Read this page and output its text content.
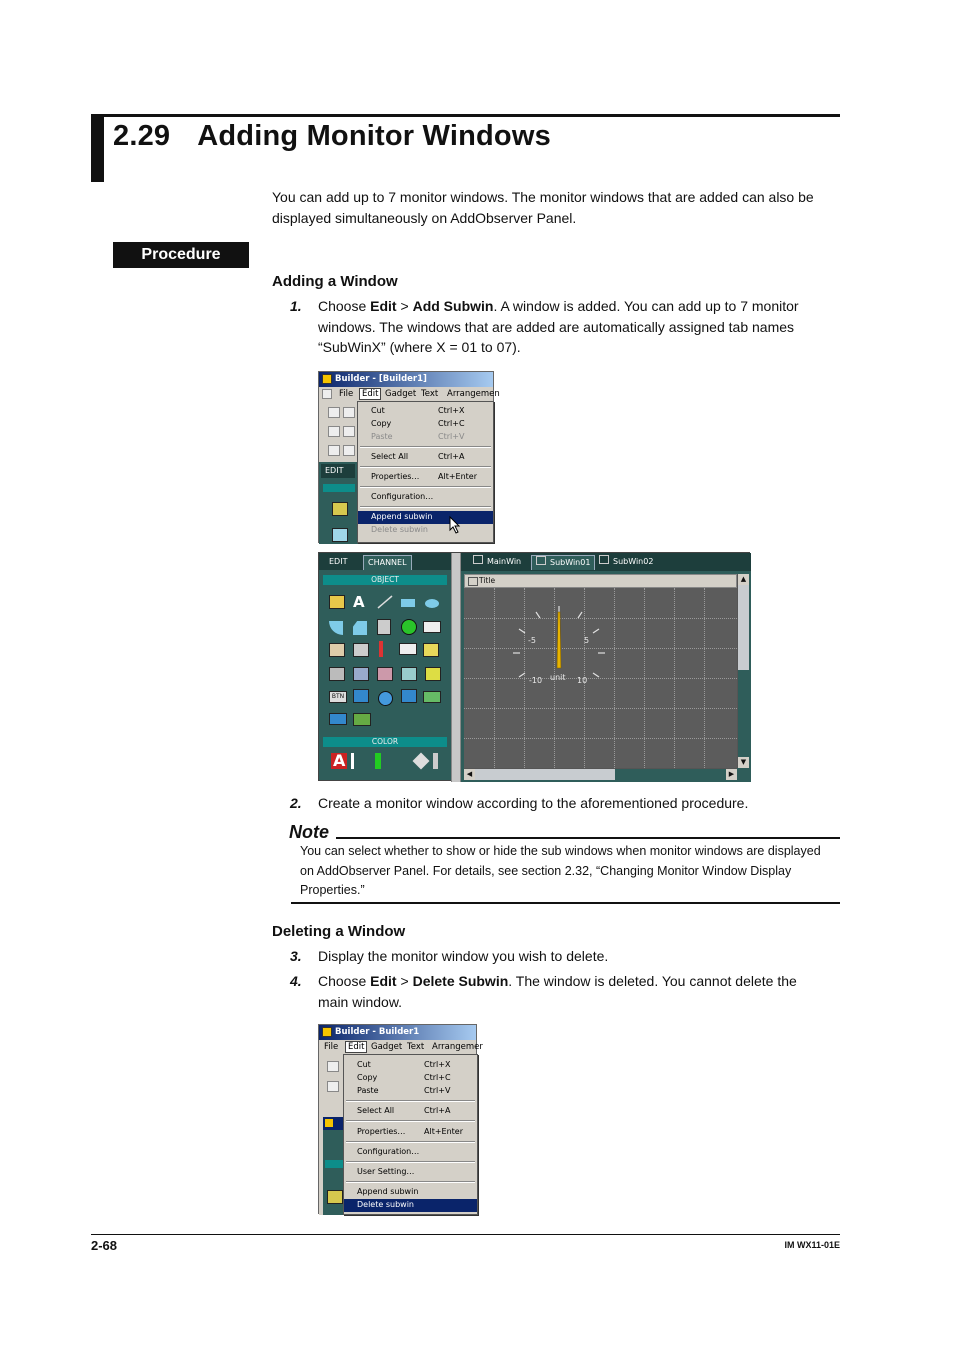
2.29 Adding Monitor Windows
You can add up to 7 monitor windows. The monitor windows that are added can also be
displayed simultaneously on AddObserver Panel.
Procedure
Adding a Window
1. Choose Edit > Add Subwin. A window is added. You can add up to 7 monitor
windows. The windows that are added are automatically assigned tab names
“SubWinX” (where X = 01 to 07).
Builder - [Builder1]
File	Edit Gadget Text Arrangemen
EDIT
Cut	Ctrl+X
Copy	Ctrl+C
Paste	Ctrl+V
Select All	Ctrl+A
Properties… Alt+Enter
Configuration…
Append subwin
Delete subwin
EDIT	CHANNEL
OBJECT
A
BTN
COLOR
A
MainWin	SubWin01	SubWin02
Title
-5	5
-10	10
unit
▲
▼
◀	▶
2. Create a monitor window according to the aforementioned procedure.
Note
You can select whether to show or hide the sub windows when monitor windows are displayed
on AddObserver Panel. For details, see section 2.32, “Changing Monitor Window Display
Properties.”
Deleting a Window
3. Display the monitor window you wish to delete.
4. Choose Edit > Delete Subwin. The window is deleted. You cannot delete the
main window.
Builder - Builder1
File	Edit Gadget Text Arrangemer
Cut	Ctrl+X
Copy	Ctrl+C
Paste	Ctrl+V
Select All	Ctrl+A
Properties… Alt+Enter
Configuration…
User Setting…
Append subwin
Delete subwin
2-68	IM WX11-01E
